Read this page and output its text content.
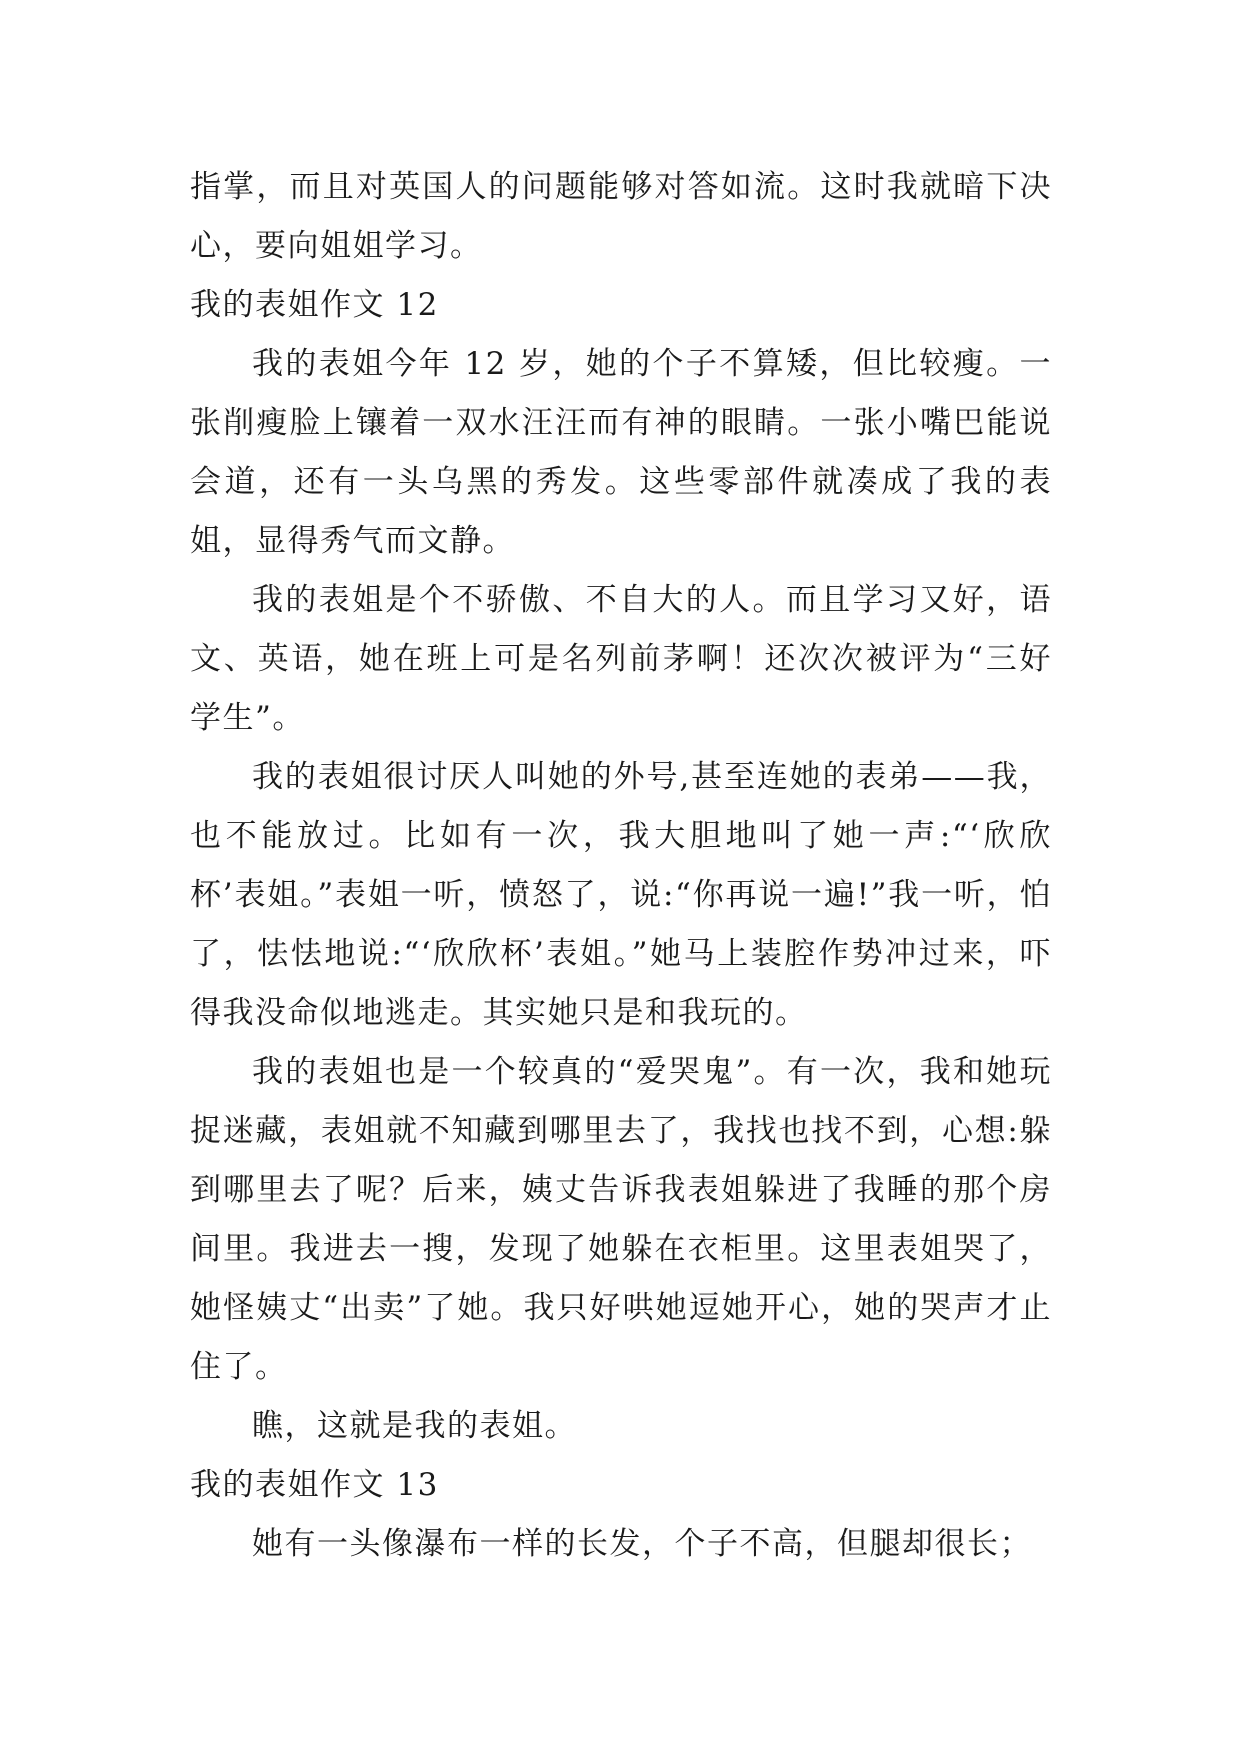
指掌，而且对英国人的问题能够对答如流。这时我就暗下决心，要向姐姐学习。

我的表姐作文 12

我的表姐今年 12 岁，她的个子不算矮，但比较瘦。一张削瘦脸上镶着一双水汪汪而有神的眼睛。一张小嘴巴能说会道，还有一头乌黑的秀发。这些零部件就凑成了我的表姐，显得秀气而文静。

我的表姐是个不骄傲、不自大的人。而且学习又好，语文、英语，她在班上可是名列前茅啊！还次次被评为“三好学生”。

我的表姐很讨厌人叫她的外号,甚至连她的表弟——我，也不能放过。比如有一次，我大胆地叫了她一声:“‘欣欣杯’表姐。”表姐一听，愤怒了，说:“你再说一遍!”我一听，怕了，怯怯地说:“‘欣欣杯’表姐。”她马上装腔作势冲过来，吓得我没命似地逃走。其实她只是和我玩的。

我的表姐也是一个较真的“爱哭鬼”。有一次，我和她玩捉迷藏，表姐就不知藏到哪里去了，我找也找不到，心想:躲到哪里去了呢？后来，姨丈告诉我表姐躲进了我睡的那个房间里。我进去一搜，发现了她躲在衣柜里。这里表姐哭了，她怪姨丈“出卖”了她。我只好哄她逗她开心，她的哭声才止住了。

瞧，这就是我的表姐。

我的表姐作文 13

她有一头像瀑布一样的长发，个子不高，但腿却很长；
